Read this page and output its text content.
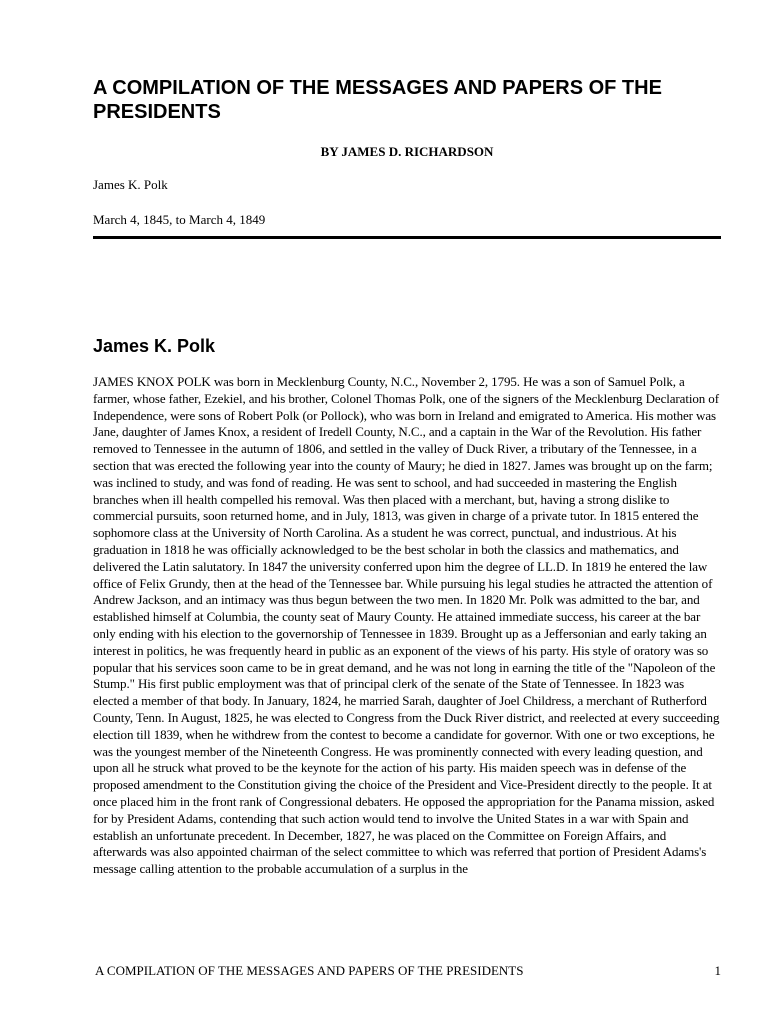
A COMPILATION OF THE MESSAGES AND PAPERS OF THE PRESIDENTS

BY JAMES D. RICHARDSON

James K. Polk

March 4, 1845, to March 4, 1849

James K. Polk

JAMES KNOX POLK was born in Mecklenburg County, N.C., November 2, 1795. He was a son of Samuel Polk, a farmer, whose father, Ezekiel, and his brother, Colonel Thomas Polk, one of the signers of the Mecklenburg Declaration of Independence, were sons of Robert Polk (or Pollock), who was born in Ireland and emigrated to America. His mother was Jane, daughter of James Knox, a resident of Iredell County, N.C., and a captain in the War of the Revolution. His father removed to Tennessee in the autumn of 1806, and settled in the valley of Duck River, a tributary of the Tennessee, in a section that was erected the following year into the county of Maury; he died in 1827. James was brought up on the farm; was inclined to study, and was fond of reading. He was sent to school, and had succeeded in mastering the English branches when ill health compelled his removal. Was then placed with a merchant, but, having a strong dislike to commercial pursuits, soon returned home, and in July, 1813, was given in charge of a private tutor. In 1815 entered the sophomore class at the University of North Carolina. As a student he was correct, punctual, and industrious. At his graduation in 1818 he was officially acknowledged to be the best scholar in both the classics and mathematics, and delivered the Latin salutatory. In 1847 the university conferred upon him the degree of LL.D. In 1819 he entered the law office of Felix Grundy, then at the head of the Tennessee bar. While pursuing his legal studies he attracted the attention of Andrew Jackson, and an intimacy was thus begun between the two men. In 1820 Mr. Polk was admitted to the bar, and established himself at Columbia, the county seat of Maury County. He attained immediate success, his career at the bar only ending with his election to the governorship of Tennessee in 1839. Brought up as a Jeffersonian and early taking an interest in politics, he was frequently heard in public as an exponent of the views of his party. His style of oratory was so popular that his services soon came to be in great demand, and he was not long in earning the title of the "Napoleon of the Stump." His first public employment was that of principal clerk of the senate of the State of Tennessee. In 1823 was elected a member of that body. In January, 1824, he married Sarah, daughter of Joel Childress, a merchant of Rutherford County, Tenn. In August, 1825, he was elected to Congress from the Duck River district, and reelected at every succeeding election till 1839, when he withdrew from the contest to become a candidate for governor. With one or two exceptions, he was the youngest member of the Nineteenth Congress. He was prominently connected with every leading question, and upon all he struck what proved to be the keynote for the action of his party. His maiden speech was in defense of the proposed amendment to the Constitution giving the choice of the President and Vice-President directly to the people. It at once placed him in the front rank of Congressional debaters. He opposed the appropriation for the Panama mission, asked for by President Adams, contending that such action would tend to involve the United States in a war with Spain and establish an unfortunate precedent. In December, 1827, he was placed on the Committee on Foreign Affairs, and afterwards was also appointed chairman of the select committee to which was referred that portion of President Adams's message calling attention to the probable accumulation of a surplus in the

A COMPILATION OF THE MESSAGES AND PAPERS OF THE PRESIDENTS	1
